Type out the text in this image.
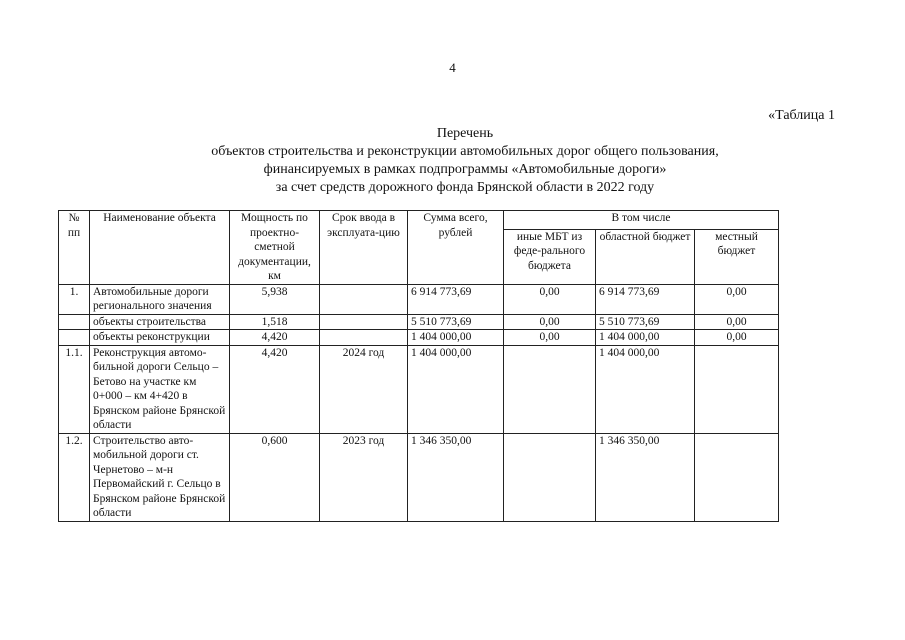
4
«Таблица 1
Перечень
объектов строительства и реконструкции автомобильных дорог общего пользования,
финансируемых в рамках подпрограммы «Автомобильные дороги»
за счет средств дорожного фонда Брянской области в 2022 году
№ пп	Наименование объекта	Мощность по проектно-сметной документации, км	Срок ввода в эксплуата-цию	Сумма всего, рублей	В том числе		
					иные МБТ из феде-рального бюджета	областной бюджет	местный бюджет
1.	Автомобильные дороги регионального значения	5,938		6 914 773,69	0,00	6 914 773,69	0,00
	объекты строительства	1,518		5 510 773,69	0,00	5 510 773,69	0,00
	объекты реконструкции	4,420		1 404 000,00	0,00	1 404 000,00	0,00
1.1.	Реконструкция автомо-бильной дороги Сельцо – Бетово на участке км 0+000 – км 4+420 в Брянском районе Брянской области	4,420	2024 год	1 404 000,00		1 404 000,00	
1.2.	Строительство авто-мобильной дороги ст. Чернетово – м-н Первомайский г. Сельцо в Брянском районе Брянской области	0,600	2023 год	1 346 350,00		1 346 350,00	
